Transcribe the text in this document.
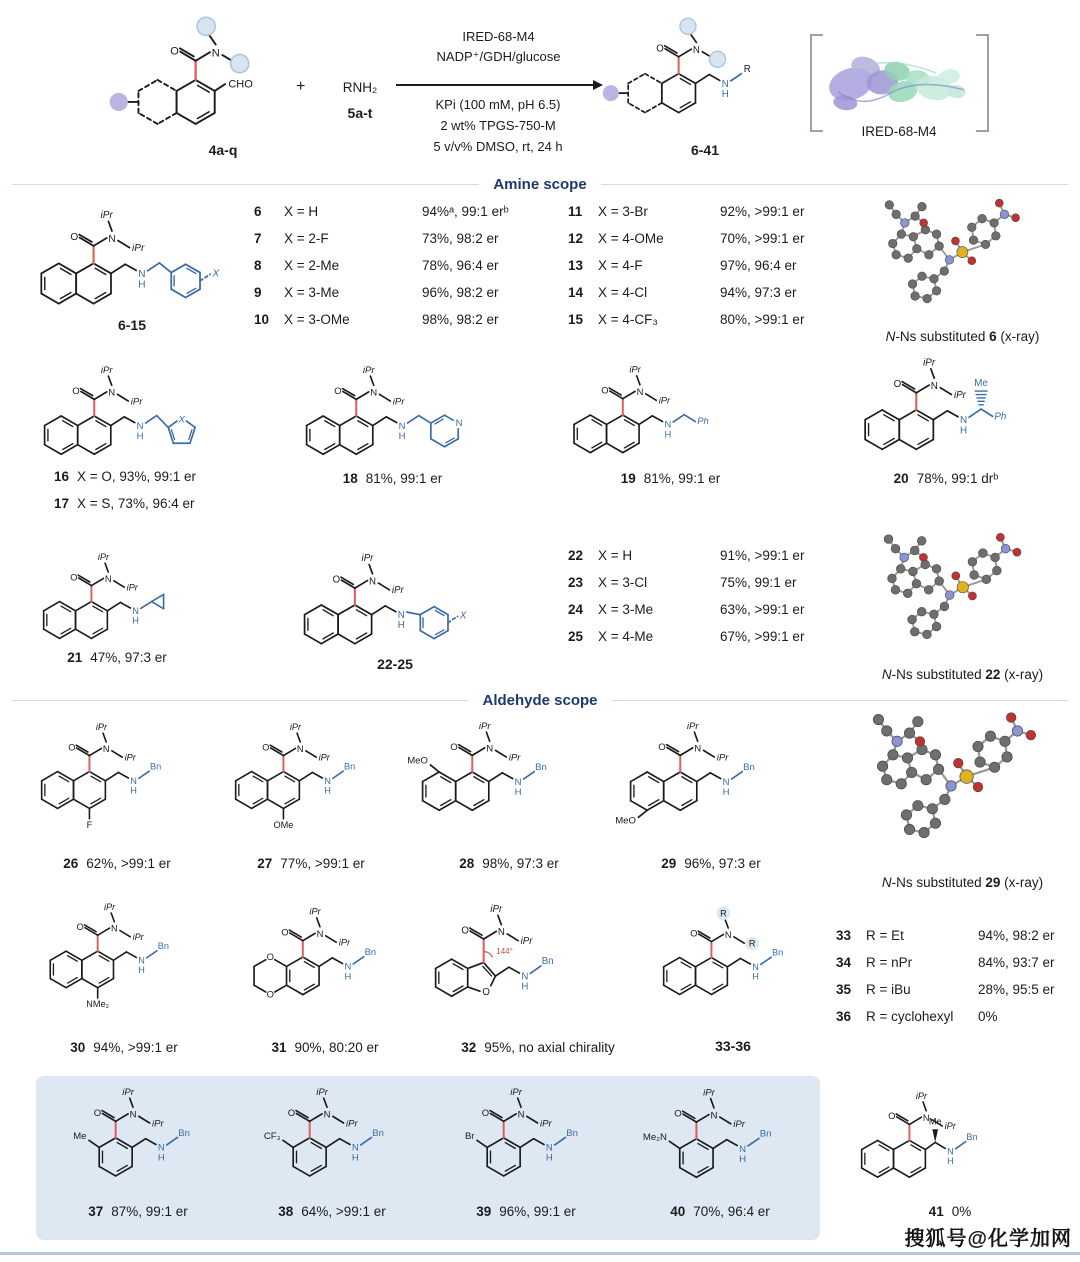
O	N
CHO
4a-q
+	RNH₂
5a-t
IRED-68-M4
NADP⁺/GDH/glucose
KPi (100 mM, pH 6.5)
2 wt% TPGS-750-M
5 v/v% DMSO, rt, 24 h
O	N
N
H
R
6-41
IRED-68-M4
Amine scope
O	N
iPr
iPr
N
H
X
6-15
6	X = H	94%ᵃ, 99:1 erᵇ
7	X = 2-F	73%, 98:2 er
8	X = 2-Me	78%, 96:4 er
9	X = 3-Me	96%, 98:2 er
10	X = 3-OMe	98%, 98:2 er
11	X = 3-Br	92%, >99:1 er
12	X = 4-OMe	70%, >99:1 er
13	X = 4-F	97%, 96:4 er
14	X = 4-Cl	94%, 97:3 er
15	X = 4-CF₃	80%, >99:1 er

N-Ns substituted 6 (x-ray)

O N
iPr
iPr
N
H
X
16 X = O, 93%, 99:1 er
17 X = S, 73%, 96:4 er
O N
iPr
iPr
N
H
N
18 81%, 99:1 er
O N
iPr
iPr
N
H
Ph
19 81%, 99:1 er
O	N
iPr
iPr
N
H
Me
Ph
20 78%, 99:1 drᵇ
O N
iPr
iPr
N
H
21 47%, 97:3 er
O	N
iPr
iPr
N
H
X
22-25
22	X = H	91%, >99:1 er
23	X = 3-Cl	75%, 99:1 er
24	X = 3-Me	63%, >99:1 er
25	X = 4-Me	67%, >99:1 er

N-Ns substituted 22 (x-ray)

Aldehyde scope
O N
iPr
iPr
F
N
H
Bn
26 62%, >99:1 er
O N
iPr
iPr
OMe
N
H
Bn
27 77%, >99:1 er
O N
iPr
iPr
MeO
N
H
Bn
28 98%, 97:3 er
O N
iPr
iPr
MeO
N
H
Bn
29 96%, 97:3 er

N-Ns substituted 29 (x-ray)

O N
iPr
iPr
NMe₂
N
H
Bn
30 94%, >99:1 er
O
O
O N
iPr
iPr
N
H
Bn
31 90%, 80:20 er
O
O	N
iPr
iPr
144°
N
H
Bn
32 95%, no axial chirality
O N
R
R
N
H
Bn
33-36
33	R = Et	94%, 98:2 er
34	R = nPr	84%, 93:7 er
35	R = iBu	28%, 95:5 er
36	R = cyclohexyl	0%
O N
iPr
iPr
Me
N
H
Bn
37 87%, 99:1 er
O N
iPr
iPr
CF₃
N
H
Bn
38 64%, >99:1 er
O N
iPr
iPr
Br
N
H
Bn
39 96%, 99:1 er
O N
iPr
iPr
Me₂N
N
H
Bn
40 70%, 96:4 er
O N
iPr
iPr
Me
N
H
Bn
41 0%
搜狐号@化学加网
